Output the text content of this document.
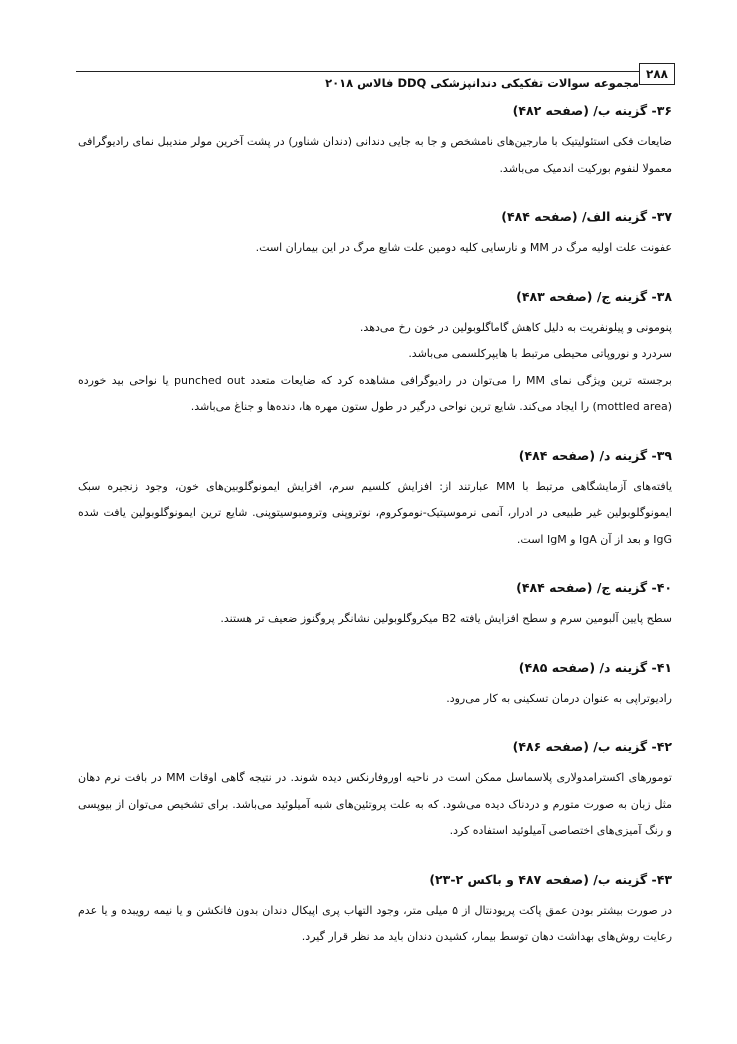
۲۸۸
مجموعه سوالات تفکیکی دندانپزشکی DDQ فالاس ۲۰۱۸
۳۶- گزینه ب/ (صفحه ۴۸۲)

ضایعات فکی استئولیتیک با مارجین‌های نامشخص و جا به جایی دندانی (دندان شناور) در پشت آخرین مولر مندیبل نمای رادیوگرافی معمولا لنفوم بورکیت اندمیک می‌باشد.

۳۷- گزینه الف/ (صفحه ۴۸۴)

عفونت علت اولیه مرگ در MM و نارسایی کلیه دومین علت شایع مرگ در این بیماران است.

۳۸- گزینه ج/ (صفحه ۴۸۳)

پنومونی و پیلونفریت به دلیل کاهش گاماگلوبولین در خون رخ می‌دهد.

سردرد و نوروپاتی محیطی مرتبط با هایپرکلسمی می‌باشد.

برجسته ترین ویژگی نمای MM را می‌توان در رادیوگرافی مشاهده کرد که ضایعات متعدد punched out یا نواحی بید خورده (mottled area) را ایجاد می‌کند. شایع ترین نواحی درگیر در طول ستون مهره ها، دنده‌ها و جناغ می‌باشد.

۳۹- گزینه د/ (صفحه ۴۸۴)

یافته‌های آزمایشگاهی مرتبط با MM عبارتند از: افزایش کلسیم سرم، افزایش ایمونوگلوبین‌های خون، وجود زنجیره سبک ایمونوگلوبولین غیر طبیعی در ادرار، آنمی نرموسیتیک-نوموکروم، نوتروپنی وترومبوسیتوپنی. شایع ترین ایمونوگلوبولین یافت شده IgG و بعد از آن IgA و IgM است.

۴۰- گزینه ج/ (صفحه ۴۸۴)

سطح پایین آلبومین سرم و سطح افزایش یافته B2 میکروگلوبولین نشانگر پروگنوز ضعیف تر هستند.

۴۱- گزینه د/ (صفحه ۴۸۵)

رادیوتراپی به عنوان درمان تسکینی به کار می‌رود.

۴۲- گزینه ب/ (صفحه ۴۸۶)

تومورهای اکسترامدولاری پلاسماسل ممکن است در ناحیه اوروفارنکس دیده شوند. در نتیجه گاهی اوقات MM در بافت نرم دهان مثل زبان به صورت متورم و دردناک دیده می‌شود. که به علت پروتئین‌های شبه آمیلوئید می‌باشد. برای تشخیص می‌توان از بیوپسی و رنگ آمیزی‌های اختصاصی آمیلوئید استفاده کرد.

۴۳- گزینه ب/ (صفحه ۴۸۷ و باکس ۲-۲۳)

در صورت بیشتر بودن عمق پاکت پریودنتال از ۵ میلی متر، وجود التهاب پری اپیکال دندان بدون فانکشن و یا نیمه رویبده و یا عدم رعایت روش‌های بهداشت دهان توسط بیمار، کشیدن دندان باید مد نظر قرار گیرد.
